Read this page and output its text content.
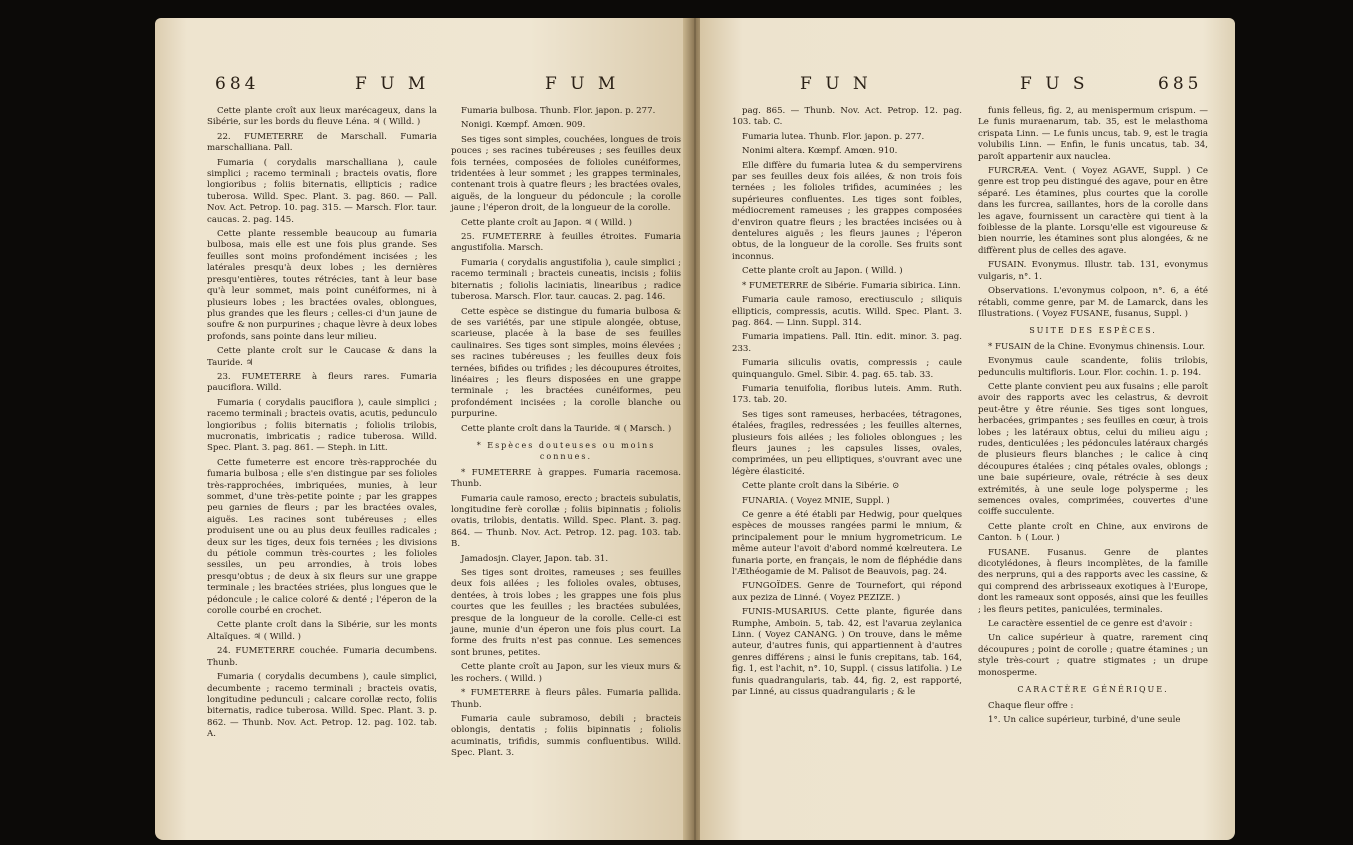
684	F U M	F U M

Cette plante croît aux lieux marécageux, dans la Sibérie, sur les bords du fleuve Léna. ♃ ( Willd. )

22. FUMETERRE de Marschall. Fumaria marschalliana. Pall.

Fumaria ( corydalis marschalliana ), caule simplici ; racemo terminali ; bracteis ovatis, flore longioribus ; foliis biternatis, ellipticis ; radice tuberosa. Willd. Spec. Plant. 3. pag. 860. — Pall. Nov. Act. Petrop. 10. pag. 315. — Marsch. Flor. taur. caucas. 2. pag. 145.

Cette plante ressemble beaucoup au fumaria bulbosa, mais elle est une fois plus grande. Ses feuilles sont moins profondément incisées ; les latérales presqu'à deux lobes ; les dernières presqu'entières, toutes rétrécies, tant à leur base qu'à leur sommet, mais point cunéiformes, ni à plusieurs lobes ; les bractées ovales, oblongues, plus grandes que les fleurs ; celles-ci d'un jaune de soufre & non purpurines ; chaque lèvre à deux lobes profonds, sans pointe dans leur milieu.

Cette plante croît sur le Caucase & dans la Tauride. ♃

23. FUMETERRE à fleurs rares. Fumaria pauciflora. Willd.

Fumaria ( corydalis pauciflora ), caule simplici ; racemo terminali ; bracteis ovatis, acutis, pedunculo longioribus ; foliis biternatis ; foliolis trilobis, mucronatis, imbricatis ; radice tuberosa. Willd. Spec. Plant. 3. pag. 861. — Steph. in Litt.

Cette fumeterre est encore très-rapprochée du fumaria bulbosa ; elle s'en distingue par ses folioles très-rapprochées, imbriquées, munies, à leur sommet, d'une très-petite pointe ; par les grappes peu garnies de fleurs ; par les bractées ovales, aiguës. Les racines sont tubéreuses ; elles produisent une ou au plus deux feuilles radicales ; deux sur les tiges, deux fois ternées ; les divisions du pétiole commun très-courtes ; les folioles sessiles, un peu arrondies, à trois lobes presqu'obtus ; de deux à six fleurs sur une grappe terminale ; les bractées striées, plus longues que le pédoncule ; le calice coloré & denté ; l'éperon de la corolle courbé en crochet.

Cette plante croît dans la Sibérie, sur les monts Altaïques. ♃ ( Willd. )

24. FUMETERRE couchée. Fumaria decumbens. Thunb.

Fumaria ( corydalis decumbens ), caule simplici, decumbente ; racemo terminali ; bracteis ovatis, longitudine pedunculi ; calcare corollæ recto, foliis biternatis, radice tuberosa. Willd. Spec. Plant. 3. p. 862. — Thunb. Nov. Act. Petrop. 12. pag. 102. tab. A.

Fumaria bulbosa. Thunb. Flor. japon. p. 277.

Nonigi. Kœmpf. Amœn. 909.

Ses tiges sont simples, couchées, longues de trois pouces ; ses racines tubéreuses ; ses feuilles deux fois ternées, composées de folioles cunéiformes, tridentées à leur sommet ; les grappes terminales, contenant trois à quatre fleurs ; les bractées ovales, aiguës, de la longueur du pédoncule ; la corolle jaune ; l'éperon droit, de la longueur de la corolle.

Cette plante croît au Japon. ♃ ( Willd. )

25. FUMETERRE à feuilles étroites. Fumaria angustifolia. Marsch.

Fumaria ( corydalis angustifolia ), caule simplici ; racemo terminali ; bracteis cuneatis, incisis ; foliis biternatis ; foliolis laciniatis, linearibus ; radice tuberosa. Marsch. Flor. taur. caucas. 2. pag. 146.

Cette espèce se distingue du fumaria bulbosa & de ses variétés, par une stipule alongée, obtuse, scarieuse, placée à la base de ses feuilles caulinaires. Ses tiges sont simples, moins élevées ; ses racines tubéreuses ; les feuilles deux fois ternées, bifides ou trifides ; les découpures étroites, linéaires ; les fleurs disposées en une grappe terminale ; les bractées cunéiformes, peu profondément incisées ; la corolle blanche ou purpurine.

Cette plante croît dans la Tauride. ♃ ( Marsch. )

* Espèces douteuses ou moins connues.

* FUMETERRE à grappes. Fumaria racemosa. Thunb.

Fumaria caule ramoso, erecto ; bracteis subulatis, longitudine ferè corollæ ; foliis bipinnatis ; foliolis ovatis, trilobis, dentatis. Willd. Spec. Plant. 3. pag. 864. — Thunb. Nov. Act. Petrop. 12. pag. 103. tab. B.

Jamadosjn. Clayer, Japon. tab. 31.

Ses tiges sont droites, rameuses ; ses feuilles deux fois ailées ; les folioles ovales, obtuses, dentées, à trois lobes ; les grappes une fois plus courtes que les feuilles ; les bractées subulées, presque de la longueur de la corolle. Celle-ci est jaune, munie d'un éperon une fois plus court. La forme des fruits n'est pas connue. Les semences sont brunes, petites.

Cette plante croît au Japon, sur les vieux murs & les rochers. ( Willd. )

* FUMETERRE à fleurs pâles. Fumaria pallida. Thunb.

Fumaria caule subramoso, debili ; bracteis oblongis, dentatis ; foliis bipinnatis ; foliolis acuminatis, trifidis, summis confluentibus. Willd. Spec. Plant. 3.

F U N	F U S	685

pag. 865. — Thunb. Nov. Act. Petrop. 12. pag. 103. tab. C.

Fumaria lutea. Thunb. Flor. japon. p. 277.

Nonimi altera. Kœmpf. Amœn. 910.

Elle diffère du fumaria lutea & du sempervirens par ses feuilles deux fois ailées, & non trois fois ternées ; les folioles trifides, acuminées ; les supérieures confluentes. Les tiges sont foibles, médiocrement rameuses ; les grappes composées d'environ quatre fleurs ; les bractées incisées ou à dentelures aiguës ; les fleurs jaunes ; l'éperon obtus, de la longueur de la corolle. Ses fruits sont inconnus.

Cette plante croît au Japon. ( Willd. )

* FUMETERRE de Sibérie. Fumaria sibirica. Linn.

Fumaria caule ramoso, erectiusculo ; siliquis ellipticis, compressis, acutis. Willd. Spec. Plant. 3. pag. 864. — Linn. Suppl. 314.

Fumaria impatiens. Pall. Itin. edit. minor. 3. pag. 233.

Fumaria siliculis ovatis, compressis ; caule quinquangulo. Gmel. Sibir. 4. pag. 65. tab. 33.

Fumaria tenuifolia, floribus luteis. Amm. Ruth. 173. tab. 20.

Ses tiges sont rameuses, herbacées, tétragones, étalées, fragiles, redressées ; les feuilles alternes, plusieurs fois ailées ; les folioles oblongues ; les fleurs jaunes ; les capsules lisses, ovales, comprimées, un peu elliptiques, s'ouvrant avec une légère élasticité.

Cette plante croît dans la Sibérie. ⊙

FUNARIA. ( Voyez MNIE, Suppl. )

Ce genre a été établi par Hedwig, pour quelques espèces de mousses rangées parmi le mnium, & principalement pour le mnium hygrometricum. Le même auteur l'avoit d'abord nommé kœlreutera. Le funaria porte, en français, le nom de fléphédie dans l'Æthéogamie de M. Palisot de Beauvois, pag. 24.

FUNGOÏDES. Genre de Tournefort, qui répond aux peziza de Linné. ( Voyez PEZIZE. )

FUNIS-MUSARIUS. Cette plante, figurée dans Rumphe, Amboin. 5, tab. 42, est l'avarua zeylanica Linn. ( Voyez CANANG. ) On trouve, dans le même auteur, d'autres funis, qui appartiennent à d'autres genres différens ; ainsi le funis crepitans, tab. 164, fig. 1, est l'achit, n°. 10, Suppl. ( cissus latifolia. ) Le funis quadrangularis, tab. 44, fig. 2, est rapporté, par Linné, au cissus quadrangularis ; & le

funis felleus, fig. 2, au menispermum crispum. — Le funis muraenarum, tab. 35, est le melasthoma crispata Linn. — Le funis uncus, tab. 9, est le tragia volubilis Linn. — Enfin, le funis uncatus, tab. 34, paroît appartenir aux nauclea.

FURCRÆA. Vent. ( Voyez AGAVE, Suppl. ) Ce genre est trop peu distingué des agave, pour en être séparé. Les étamines, plus courtes que la corolle dans les furcrea, saillantes, hors de la corolle dans les agave, fournissent un caractère qui tient à la foiblesse de la plante. Lorsqu'elle est vigoureuse & bien nourrie, les étamines sont plus alongées, & ne diffèrent plus de celles des agave.

FUSAIN. Evonymus. Illustr. tab. 131, evonymus vulgaris, n°. 1.

Observations. L'evonymus colpoon, n°. 6, a été rétabli, comme genre, par M. de Lamarck, dans les Illustrations. ( Voyez FUSANE, fusanus, Suppl. )

SUITE DES ESPÈCES.

* FUSAIN de la Chine. Evonymus chinensis. Lour.

Evonymus caule scandente, foliis trilobis, pedunculis multifloris. Lour. Flor. cochin. 1. p. 194.

Cette plante convient peu aux fusains ; elle paroît avoir des rapports avec les celastrus, & devroit peut-être y être réunie. Ses tiges sont longues, herbacées, grimpantes ; ses feuilles en cœur, à trois lobes ; les latéraux obtus, celui du milieu aigu ; rudes, denticulées ; les pédoncules latéraux chargés de plusieurs fleurs blanches ; le calice à cinq découpures étalées ; cinq pétales ovales, oblongs ; une baie supérieure, ovale, rétrécie à ses deux extrémités, à une seule loge polysperme ; les semences ovales, comprimées, couvertes d'une coiffe succulente.

Cette plante croît en Chine, aux environs de Canton. ♄ ( Lour. )

FUSANE. Fusanus. Genre de plantes dicotylédones, à fleurs incomplètes, de la famille des nerpruns, qui a des rapports avec les cassine, & qui comprend des arbrisseaux exotiques à l'Europe, dont les rameaux sont opposés, ainsi que les feuilles ; les fleurs petites, paniculées, terminales.

Le caractère essentiel de ce genre est d'avoir :

Un calice supérieur à quatre, rarement cinq découpures ; point de corolle ; quatre étamines ; un style très-court ; quatre stigmates ; un drupe monosperme.

CARACTÈRE GÉNÉRIQUE.

Chaque fleur offre :

1°. Un calice supérieur, turbiné, d'une seule
